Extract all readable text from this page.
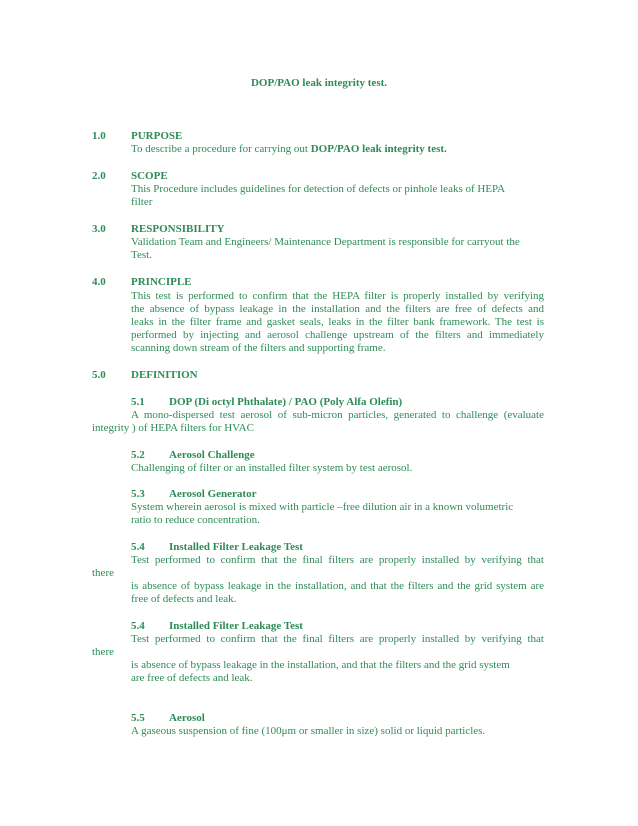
DOP/PAO leak integrity test.
1.0 PURPOSE
To describe a procedure for carrying out DOP/PAO leak integrity test.
2.0 SCOPE
This Procedure includes guidelines for detection of defects or pinhole leaks of HEPA
filter
3.0 RESPONSIBILITY
Validation Team and Engineers/ Maintenance Department is responsible for carryout the
Test.
4.0 PRINCIPLE
This test is performed to confirm that the HEPA filter is properly installed by verifying
the absence of bypass leakage in the installation and the filters are free of defects and
leaks in the filter frame and gasket seals, leaks in the filter bank framework. The test is
performed by injecting and aerosol challenge upstream of the filters and immediately
scanning down stream of the filters and supporting frame.
5.0 DEFINITION
5.1 DOP (Di octyl Phthalate) / PAO (Poly Alfa Olefin)
A mono-dispersed test aerosol of sub-micron particles, generated to challenge (evaluate
integrity ) of HEPA filters for HVAC
5.2 Aerosol Challenge
Challenging of filter or an installed filter system by test aerosol.
5.3 Aerosol Generator
System wherein aerosol is mixed with particle –free dilution air in a known volumetric
ratio to reduce concentration.
5.4 Installed Filter Leakage Test
Test performed to confirm that the final filters are properly installed by verifying that
there
is absence of bypass leakage in the installation, and that the filters and the grid system are
free of defects and leak.
5.4 Installed Filter Leakage Test
Test performed to confirm that the final filters are properly installed by verifying that
there
is absence of bypass leakage in the installation, and that the filters and the grid system
are free of defects and leak.
5.5 Aerosol
A gaseous suspension of fine (100μm or smaller in size) solid or liquid particles.
